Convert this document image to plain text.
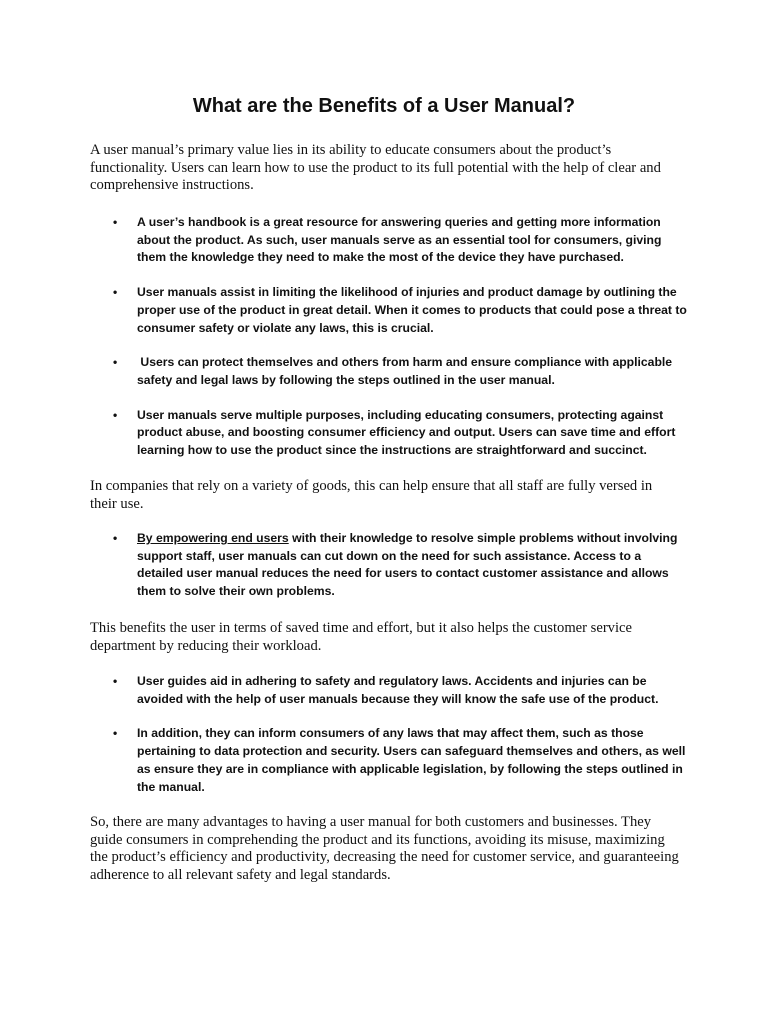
What are the Benefits of a User Manual?

A user manual’s primary value lies in its ability to educate consumers about the product’s functionality. Users can learn how to use the product to its full potential with the help of clear and comprehensive instructions.

• A user’s handbook is a great resource for answering queries and getting more information about the product. As such, user manuals serve as an essential tool for consumers, giving them the knowledge they need to make the most of the device they have purchased.
• User manuals assist in limiting the likelihood of injuries and product damage by outlining the proper use of the product in great detail. When it comes to products that could pose a threat to consumer safety or violate any laws, this is crucial.
• Users can protect themselves and others from harm and ensure compliance with applicable safety and legal laws by following the steps outlined in the user manual.
• User manuals serve multiple purposes, including educating consumers, protecting against product abuse, and boosting consumer efficiency and output. Users can save time and effort learning how to use the product since the instructions are straightforward and succinct.

In companies that rely on a variety of goods, this can help ensure that all staff are fully versed in their use.

• By empowering end users with their knowledge to resolve simple problems without involving support staff, user manuals can cut down on the need for such assistance. Access to a detailed user manual reduces the need for users to contact customer assistance and allows them to solve their own problems.

This benefits the user in terms of saved time and effort, but it also helps the customer service department by reducing their workload.

• User guides aid in adhering to safety and regulatory laws. Accidents and injuries can be avoided with the help of user manuals because they will know the safe use of the product.
• In addition, they can inform consumers of any laws that may affect them, such as those pertaining to data protection and security. Users can safeguard themselves and others, as well as ensure they are in compliance with applicable legislation, by following the steps outlined in the manual.

So, there are many advantages to having a user manual for both customers and businesses. They guide consumers in comprehending the product and its functions, avoiding its misuse, maximizing the product’s efficiency and productivity, decreasing the need for customer service, and guaranteeing adherence to all relevant safety and legal standards.
